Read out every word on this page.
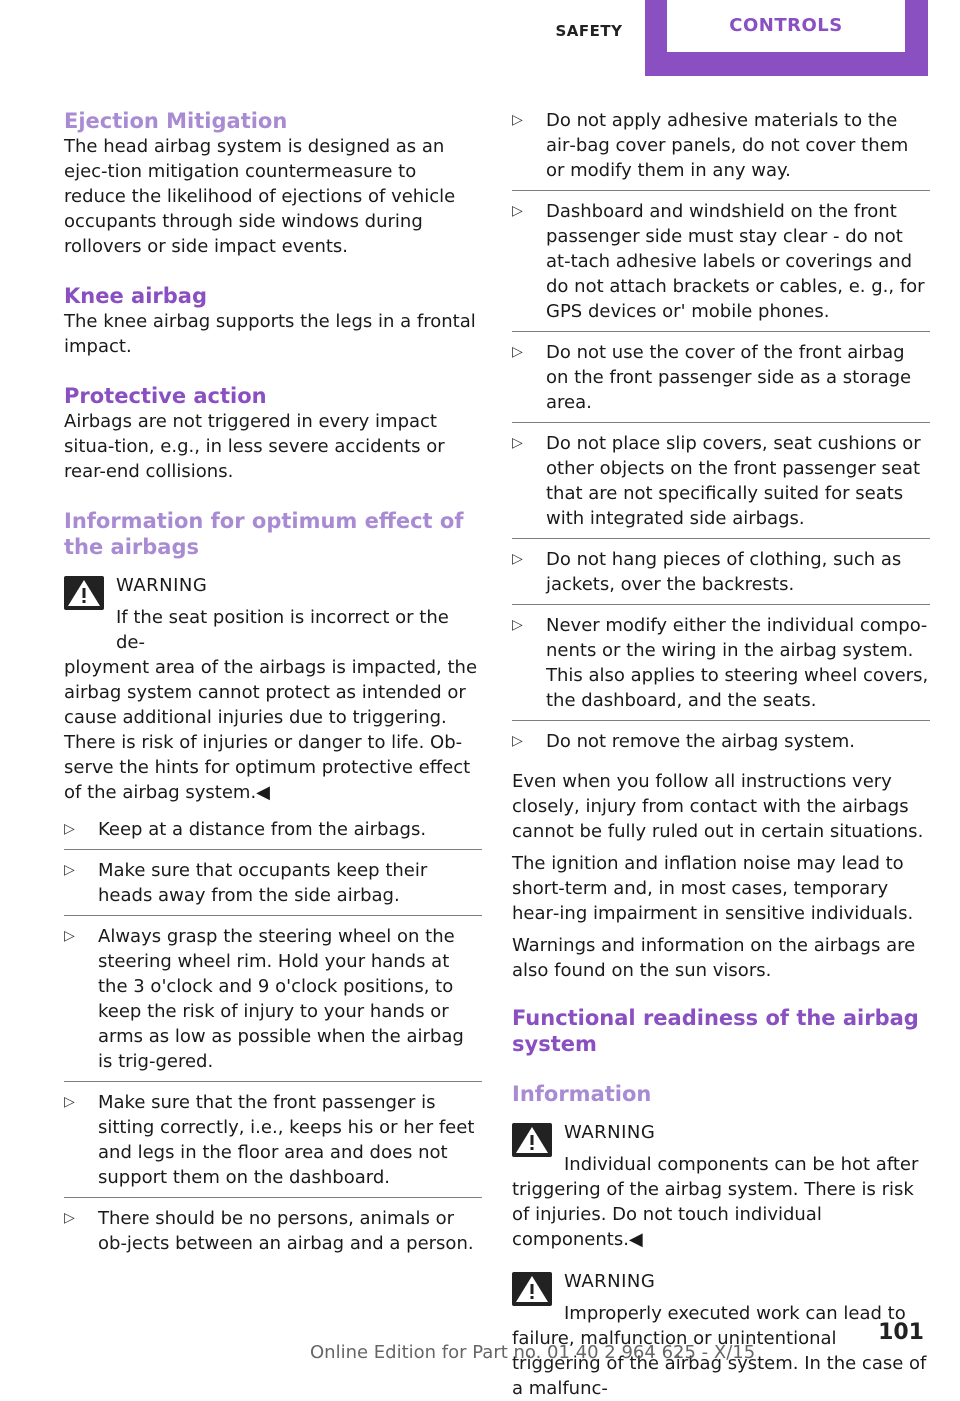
SAFETY	CONTROLS
Ejection Mitigation

The head airbag system is designed as an ejec‐tion mitigation countermeasure to reduce the likelihood of ejections of vehicle occupants through side windows during rollovers or side impact events.

Knee airbag

The knee airbag supports the legs in a frontal impact.

Protective action

Airbags are not triggered in every impact situa‐tion, e.g., in less severe accidents or rear-end collisions.

Information for optimum effect of the airbags
WARNING
If the seat position is incorrect or the de‐

ployment area of the airbags is impacted, the airbag system cannot protect as intended or cause additional injuries due to triggering. There is risk of injuries or danger to life. Ob‐serve the hints for optimum protective effect of the airbag system.◀

▷ Keep at a distance from the airbags.
▷ Make sure that occupants keep their heads away from the side airbag.
▷ Always grasp the steering wheel on the steering wheel rim. Hold your hands at the 3 o'clock and 9 o'clock positions, to keep the risk of injury to your hands or arms as low as possible when the airbag is trig‐gered.
▷ Make sure that the front passenger is sitting correctly, i.e., keeps his or her feet and legs in the floor area and does not support them on the dashboard.
▷ There should be no persons, animals or ob‐jects between an airbag and a person.
▷ Do not apply adhesive materials to the air‐bag cover panels, do not cover them or modify them in any way.
▷ Dashboard and windshield on the front passenger side must stay clear - do not at‐tach adhesive labels or coverings and do not attach brackets or cables, e. g., for GPS devices or' mobile phones.
▷ Do not use the cover of the front airbag on the front passenger side as a storage area.
▷ Do not place slip covers, seat cushions or other objects on the front passenger seat that are not specifically suited for seats with integrated side airbags.
▷ Do not hang pieces of clothing, such as jackets, over the backrests.
▷ Never modify either the individual compo‐nents or the wiring in the airbag system. This also applies to steering wheel covers, the dashboard, and the seats.
▷ Do not remove the airbag system.

Even when you follow all instructions very closely, injury from contact with the airbags cannot be fully ruled out in certain situations.

The ignition and inflation noise may lead to short-term and, in most cases, temporary hear‐ing impairment in sensitive individuals.

Warnings and information on the airbags are also found on the sun visors.

Functional readiness of the airbag system
Information
WARNING
Individual components can be hot after

triggering of the airbag system. There is risk of injuries. Do not touch individual components.◀

WARNING
Improperly executed work can lead to

failure, malfunction or unintentional triggering of the airbag system. In the case of a malfunc‐

101
Online Edition for Part no. 01 40 2 964 625 - X/15
